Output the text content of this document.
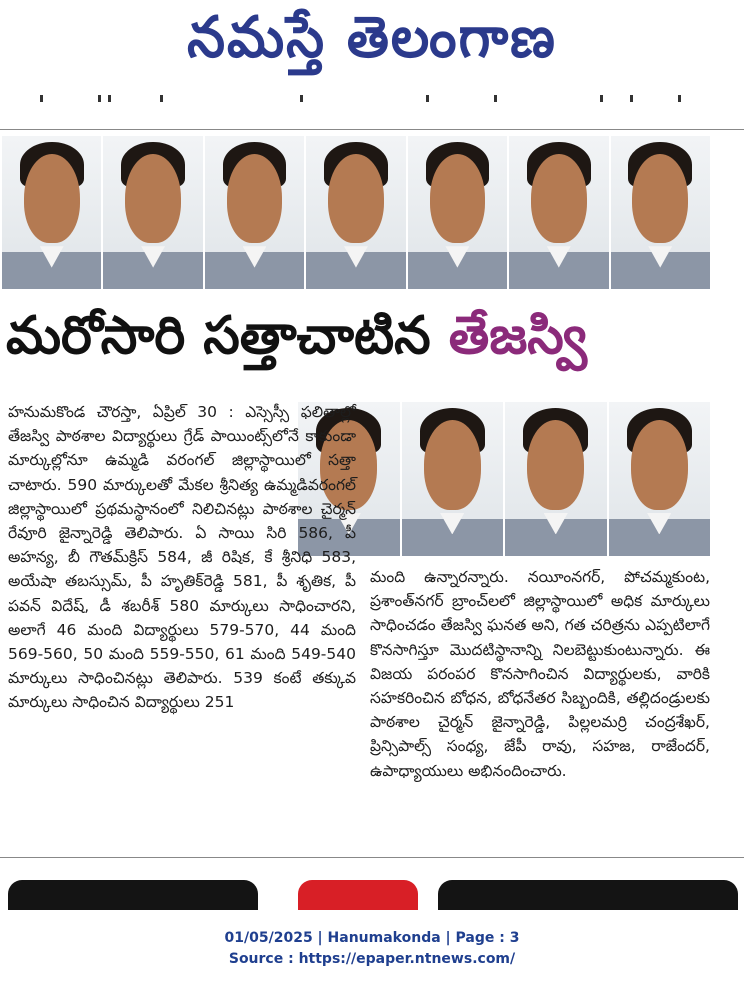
నమస్తే తెలంగాణ
మరోసారి సత్తాచాటిన తేజస్వి
హనుమకొండ చౌరస్తా, ఏప్రిల్ 30 : ఎస్సెస్సీ ఫలితాల్లో తేజస్వి పాఠశాల విద్యార్థులు గ్రేడ్ పాయింట్స్‌లోనే కాకుండా మార్కుల్లోనూ ఉమ్మడి వరంగల్ జిల్లాస్థాయిలో సత్తా చాటారు. 590 మార్కులతో మేకల శ్రీనిత్య ఉమ్మడివరంగల్ జిల్లాస్థాయిలో ప్రథమస్థానంలో నిలిచినట్లు పాఠశాల చైర్మన్ రేవూరి జైన్నారెడ్డి తెలిపారు. ఏ సాయి సిరి 586, పీ అహన్య, బీ గౌతమ్‌క్రిస్ 584, జీ రిషిక, కే శ్రీనిధి 583, అయేషా తబస్సుమ్, పీ హృతిక్‌రెడ్డి 581, పీ శృతిక, పీ పవన్ విదేష్, డీ శబరీశ్ 580 మార్కులు సాధించారని, అలాగే 46 మంది విద్యార్థులు 579-570, 44 మంది 569-560, 50 మంది 559-550, 61 మంది 549-540 మార్కులు సాధించినట్లు తెలిపారు. 539 కంటే తక్కువ మార్కులు సాధించిన విద్యార్థులు 251
మంది ఉన్నారన్నారు. నయీంనగర్, పోచమ్మకుంట, ప్రశాంత్‌నగర్ బ్రాంచ్‌లలో జిల్లాస్థాయిలో అధిక మార్కులు సాధించడం తేజస్వి ఘనత అని, గత చరిత్రను ఎప్పటిలాగే కొనసాగిస్తూ మొదటిస్థానాన్ని నిలబెట్టుకుంటున్నారు. ఈ విజయ పరంపర కొనసాగించిన విద్యార్థులకు, వారికి సహకరించిన బోధన, బోధనేతర సిబ్బందికి, తల్లిదండ్రులకు పాఠశాల చైర్మన్ జైన్నారెడ్డి, పిల్లలమర్రి చంద్రశేఖర్, ప్రిన్సిపాల్స్ సంధ్య, జేపీ రావు, సహజ, రాజేందర్, ఉపాధ్యాయులు అభినందించారు.
01/05/2025 | Hanumakonda | Page : 3
Source : https://epaper.ntnews.com/
